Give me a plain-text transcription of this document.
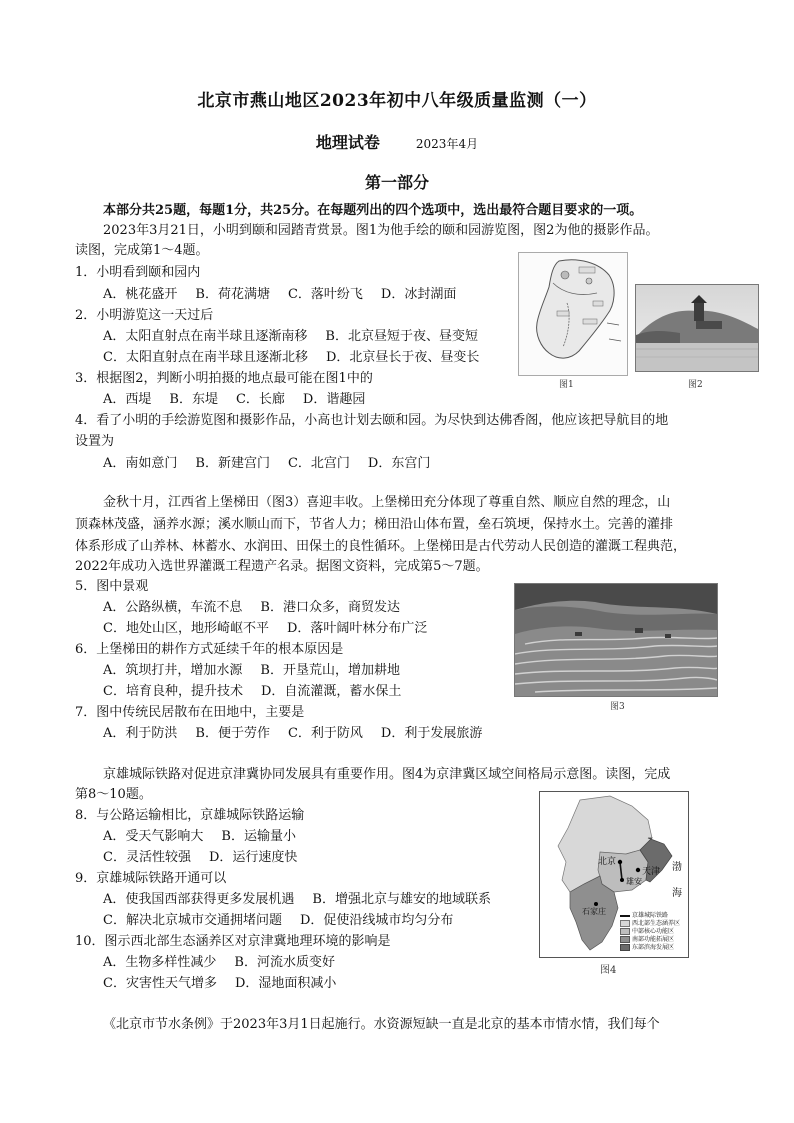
北京市燕山地区2023年初中八年级质量监测（一）
地理试卷	2023年4月
第一部分
本部分共25题，每题1分，共25分。在每题列出的四个选项中，选出最符合题目要求的一项。
2023年3月21日，小明到颐和园踏青赏景。图1为他手绘的颐和园游览图，图2为他的摄影作品。
读图，完成第1～4题。
1．小明看到颐和园内
A．桃花盛开 B．荷花满塘 C．落叶纷飞 D．冰封湖面
2．小明游览这一天过后
A．太阳直射点在南半球且逐渐南移 B．北京昼短于夜、昼变短
C．太阳直射点在南半球且逐渐北移 D．北京昼长于夜、昼变长
3．根据图2，判断小明拍摄的地点最可能在图1中的
A．西堤 B．东堤 C．长廊 D．谐趣园
4．看了小明的手绘游览图和摄影作品，小高也计划去颐和园。为尽快到达佛香阁，他应该把导航目的地
设置为
A．南如意门 B．新建宫门 C．北宫门 D．东宫门
图1	图2
金秋十月，江西省上堡梯田（图3）喜迎丰收。上堡梯田充分体现了尊重自然、顺应自然的理念，山
顶森林茂盛，涵养水源；溪水顺山而下，节省人力；梯田沿山体布置，垒石筑埂，保持水土。完善的灌排
体系形成了山养林、林蓄水、水润田、田保土的良性循环。上堡梯田是古代劳动人民创造的灌溉工程典范，
2022年成功入选世界灌溉工程遗产名录。据图文资料，完成第5～7题。
5．图中景观
A．公路纵横，车流不息 B．港口众多，商贸发达
C．地处山区，地形崎岖不平 D．落叶阔叶林分布广泛
6．上堡梯田的耕作方式延续千年的根本原因是
A．筑坝打井，增加水源 B．开垦荒山，增加耕地
C．培育良种，提升技术 D．自流灌溉，蓄水保土
7．图中传统民居散布在田地中，主要是
A．利于防洪 B．便于劳作 C．利于防风 D．利于发展旅游
图3
京雄城际铁路对促进京津冀协同发展具有重要作用。图4为京津冀区域空间格局示意图。读图，完成
第8～10题。
8．与公路运输相比，京雄城际铁路运输
A．受天气影响大 B．运输量小
C．灵活性较强 D．运行速度快
9．京雄城际铁路开通可以
A．使我国西部获得更多发展机遇 B．增强北京与雄安的地域联系
C．解决北京城市交通拥堵问题 D．促使沿线城市均匀分布
10．图示西北部生态涵养区对京津冀地理环境的影响是
A．生物多样性减少 B．河流水质变好
C．灾害性天气增多 D．湿地面积减小
北京
天津
雄安
石家庄
渤
海
京雄城际铁路
西北部生态涵养区
中部核心功能区
南部功能拓展区
东部滨海发展区
图4
《北京市节水条例》于2023年3月1日起施行。水资源短缺一直是北京的基本市情水情，我们每个
